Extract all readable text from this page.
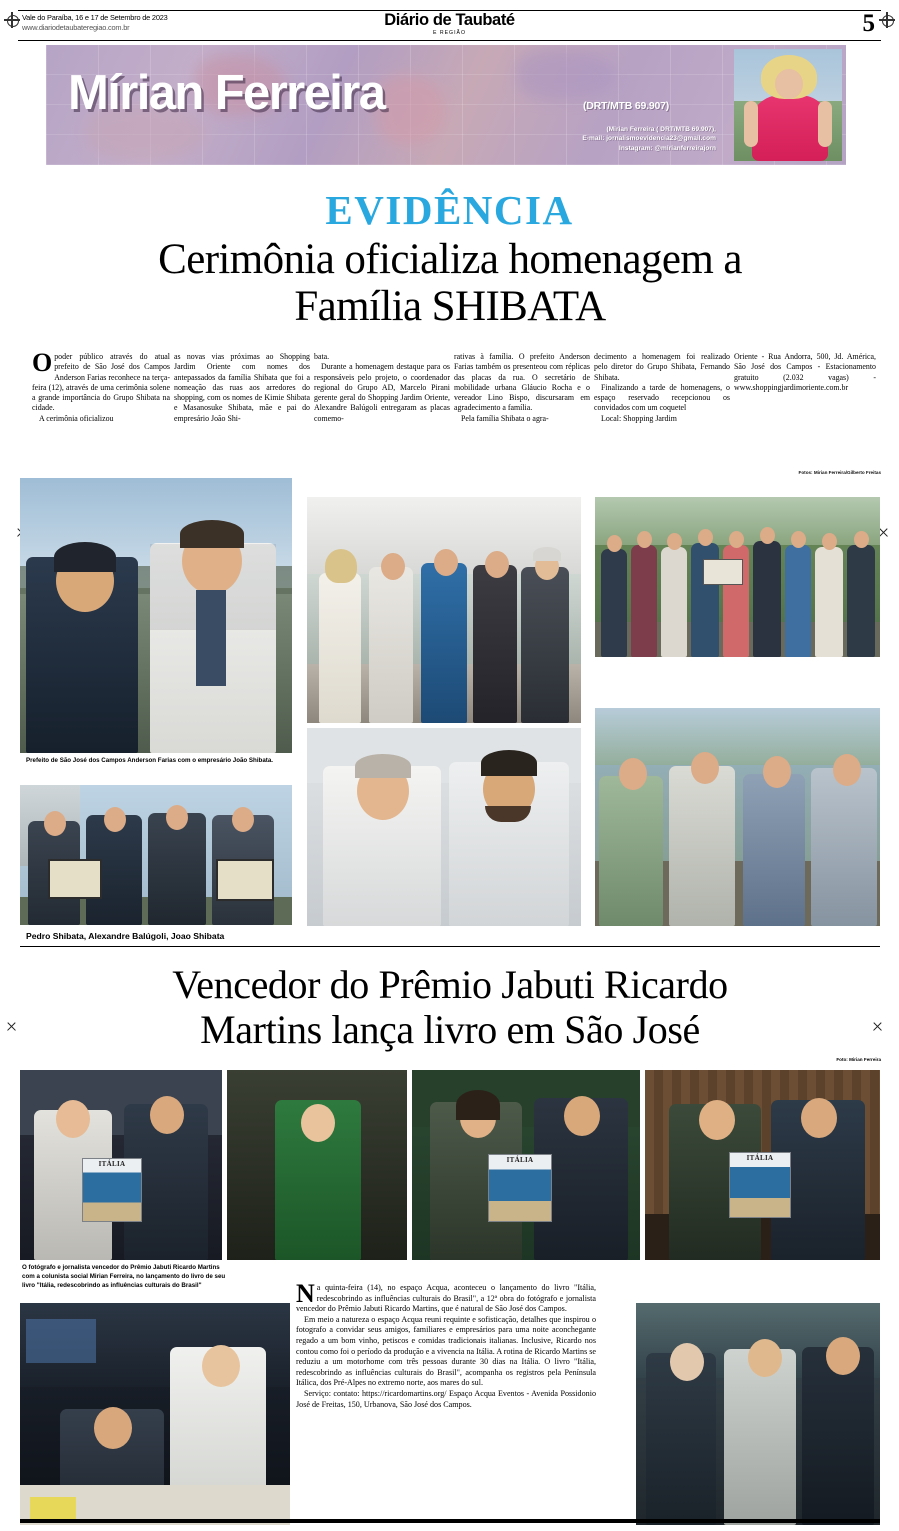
Vale do Paraíba, 16 e 17 de Setembro de 2023
www.diariodetaubateregiao.com.br	Diário de Taubaté
E REGIÃO	5
Mírian Ferreira	(DRT/MTB 69.907)
(Mirian Ferreira ( DRT/MTB 69.907),
E-mail: jornalismoevidencia23@gmail.com
Instagram: @mirianferreirajorn
EVIDÊNCIA
Cerimônia oficializa homenagem a
Família SHIBATA

Opoder público através do atual prefeito de São José dos Campos Anderson Farias reconhece na terça-feira (12), através de uma cerimônia solene a grande importância do Grupo Shibata na cidade.

A cerimônia oficializou

as novas vias próximas ao Shopping Jardim Oriente com nomes dos antepassados da família Shibata que foi a nomeação das ruas aos arredores do shopping, com os nomes de Kimie Shibata e Masanosuke Shibata, mãe e pai do empresário João Shi-

bata.

Durante a homenagem destaque para os responsáveis pelo projeto, o coordenador regional do Grupo AD, Marcelo Pirani gerente geral do Shopping Jardim Oriente, Alexandre Balúgoli entregaram as placas comemo-

rativas à família. O prefeito Anderson Farias também os presenteou com réplicas das placas da rua. O secretário de mobilidade urbana Gláucio Rocha e o vereador Lino Bispo, discursaram em agradecimento a família.

Pela família Shibata o agra-

decimento a homenagem foi realizado pelo diretor do Grupo Shibata, Fernando Shibata.

Finalizando a tarde de homenagens, o espaço reservado recepcionou os convidados com um coquetel

Local: Shopping Jardim

Oriente - Rua Andorra, 500, Jd. América, São José dos Campos - Estacionamento gratuito (2.032 vagas) - www.shoppingjardimoriente.com.br

Fotos: Mirian Ferreira/Gilberto Freitas
Prefeito de São José dos Campos Anderson Farias com o empresário João Shibata.
Família Shibata .
Pedro Shibata, Alexandre Balúgoli, Joao Shibata
Vencedor do Prêmio Jabuti Ricardo
Martins lança livro em São José
Foto: Mirian Ferreira
ITÁLIA	ITÁLIA	ITÁLIA
O fotógrafo e jornalista vencedor do Prêmio Jabuti Ricardo Martins com a colunista social Mirian Ferreira, no lançamento do livro de seu livro "Itália, redescobrindo as influências culturais do Brasil"	Na quinta-feira (14), no espaço Acqua, aconteceu o lançamento do livro "Itália, redescobrindo as influências culturais do Brasil", a 12ª obra do fotógrafo e jornalista vencedor do Prêmio Jabuti Ricardo Martins, que é natural de São José dos Campos.

Em meio a natureza o espaço Acqua reuni requinte e sofisticação, detalhes que inspirou o fotografo a convidar seus amigos, familiares e empresários para uma noite aconchegante regado a um bom vinho, petiscos e comidas tradicionais italianas. Inclusive, Ricardo nos contou como foi o período da produção e a vivencia na Itália. A rotina de Ricardo Martins se reduziu a um motorhome com três pessoas durante 30 dias na Itália. O livro "Itália, redescobrindo as influências culturais do Brasil", acompanha os registros pela Península Itálica, dos Pré-Alpes no extremo norte, aos mares do sul.

Serviço: contato: https://ricardomartins.org/ Espaço Acqua Eventos - Avenida Possidonio José de Freitas, 150, Urbanova, São José dos Campos.
